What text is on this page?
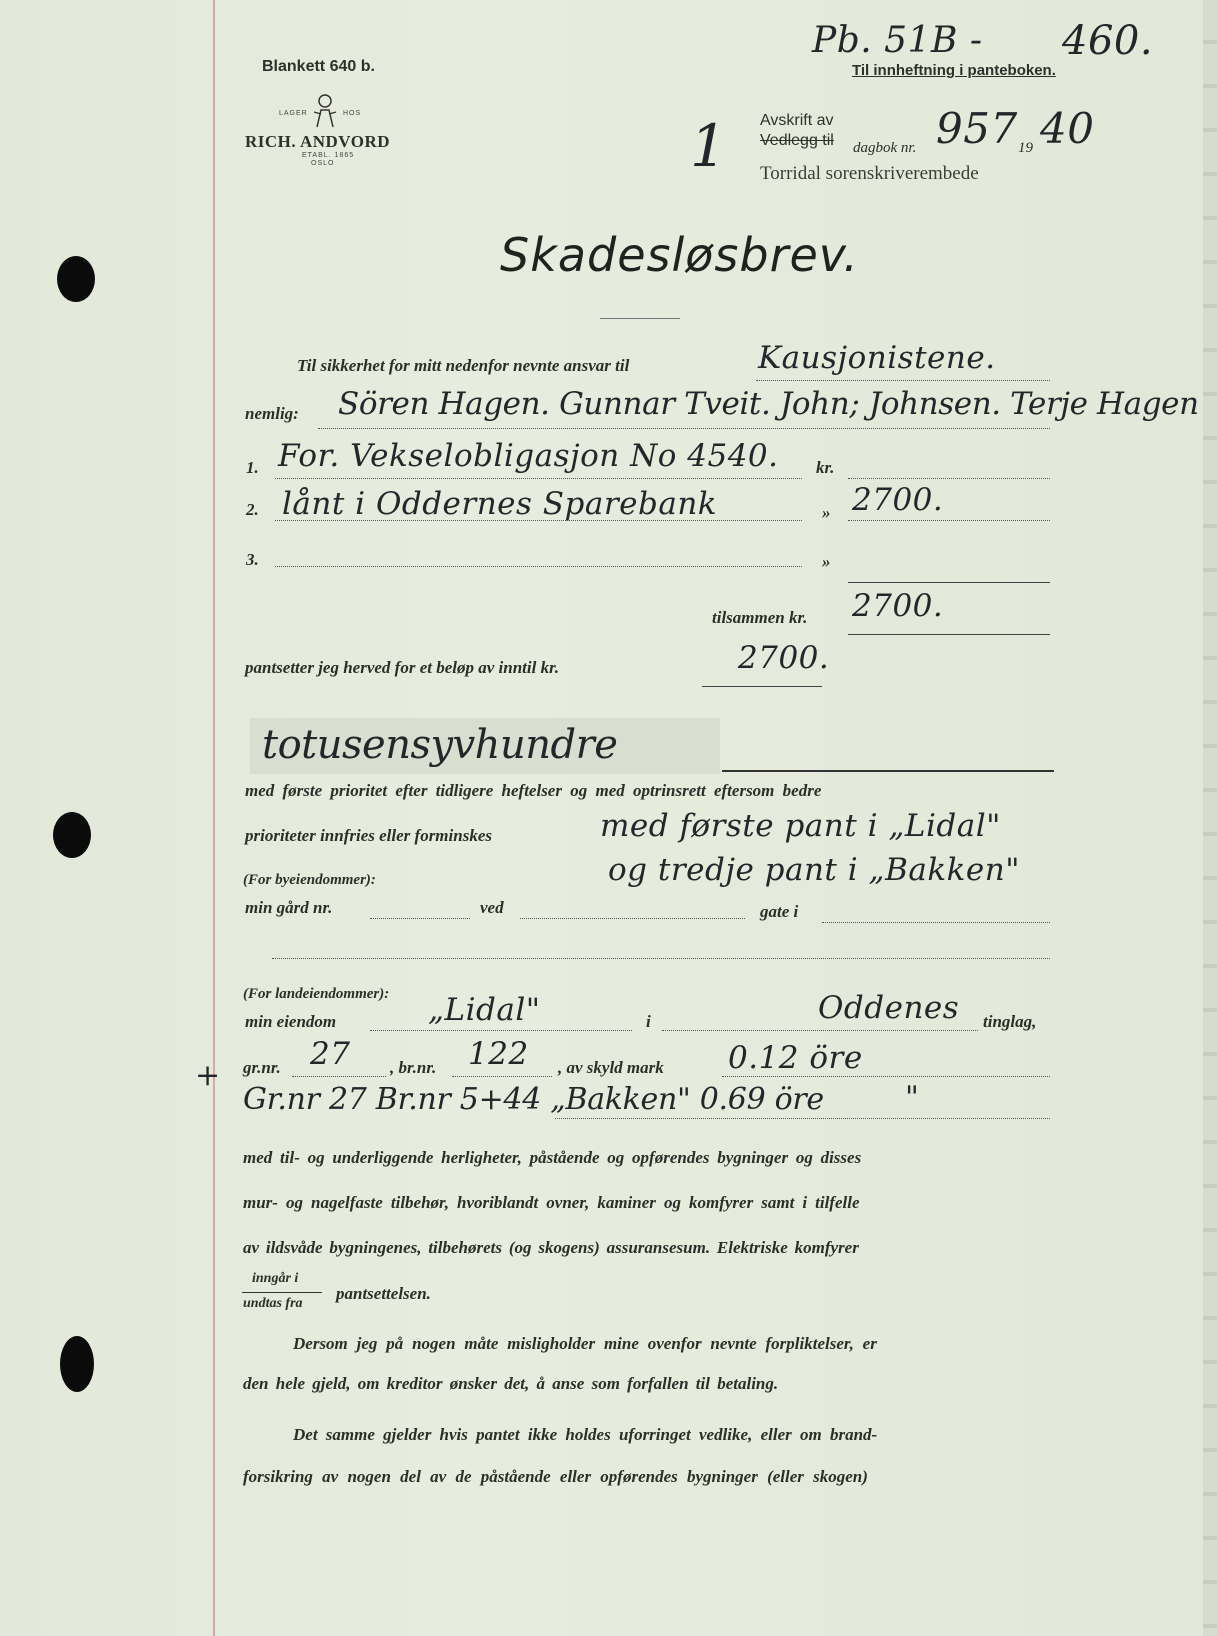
Blankett 640 b.
LAGER	HOS
RICH. ANDVORD
ETABL. 1865
OSLO
Pb. 51B - 460.
Til innheftning i panteboken.
1 Avskrift av
Vedlegg til dagbok nr. 957 19 40
Torridal sorenskriverembede
Skadesløsbrev.
Til sikkerhet for mitt nedenfor nevnte ansvar til	Kausjonistene.
nemlig: Sören Hagen. Gunnar Tveit. John; Johnsen. Terje Hagen
1. For. Vekselobligasjon No 4540. kr.
2. lånt i Oddernes Sparebank	» 2700.
3.	»
tilsammen kr. 2700.
pantsetter jeg herved for et beløp av inntil kr.	2700.
totusensyvhundre
med første prioritet efter tidligere heftelser og med optrinsrett eftersom bedre
prioriteter innfries eller forminskes	med første pant i „Lidal"
og tredje pant i „Bakken"
(For byeiendommer):
min gård nr.	ved	gate i
(For landeiendommer):
min eiendom	„Lidal"	i	Oddenes tinglag,
+ gr.nr. 27 , br.nr. 122 , av skyld mark 0.12 öre
Gr.nr 27 Br.nr 5+44 „Bakken" 0.69 öre	"
med til- og underliggende herligheter, påstående og opførendes bygninger og disses
mur- og nagelfaste tilbehør, hvoriblandt ovner, kaminer og komfyrer samt i tilfelle
av ildsvåde bygningenes, tilbehørets (og skogens) assuransesum. Elektriske komfyrer
inngår i
undtas fra
pantsettelsen.
Dersom jeg på nogen måte misligholder mine ovenfor nevnte forpliktelser, er
den hele gjeld, om kreditor ønsker det, å anse som forfallen til betaling.
Det samme gjelder hvis pantet ikke holdes uforringet vedlike, eller om brand-
forsikring av nogen del av de påstående eller opførendes bygninger (eller skogen)
